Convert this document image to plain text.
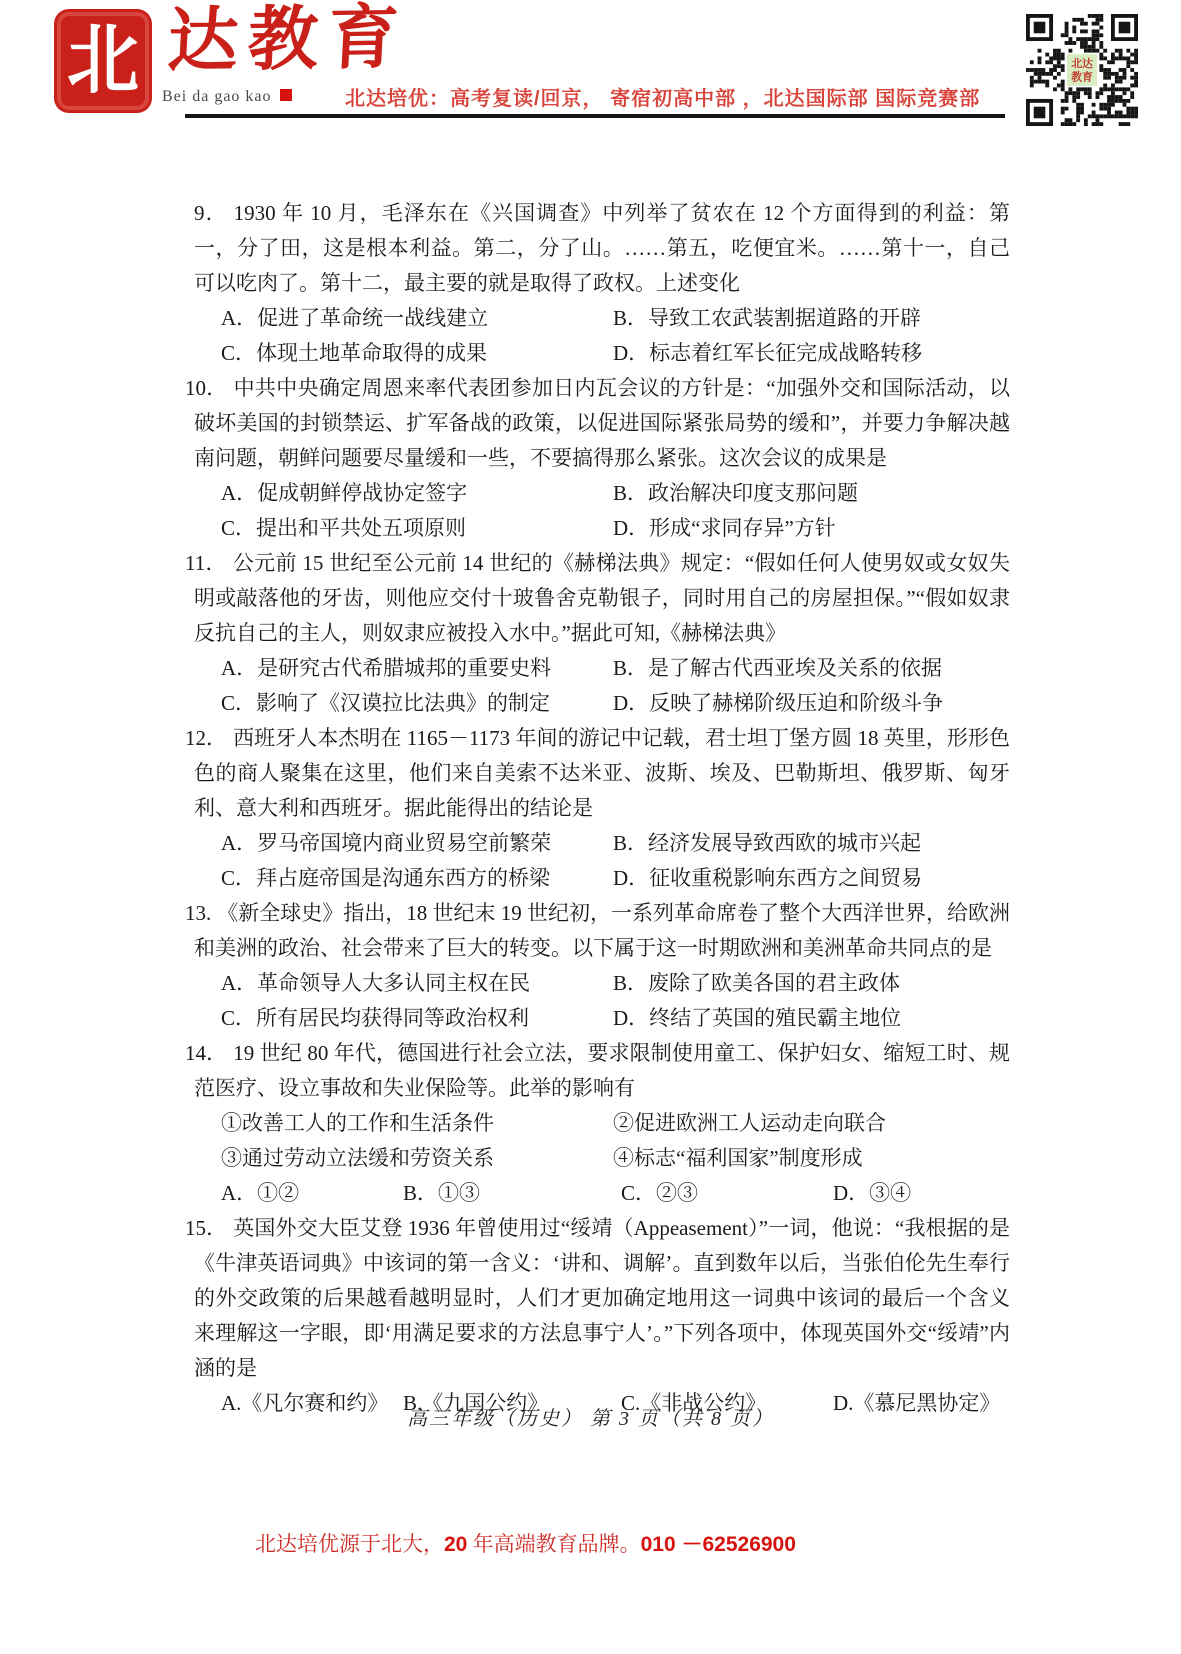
北 达教育
Bei da gao kao	北达培优：高考复读/回京， 寄宿初高中部 ，北达国际部 国际竞赛部
北达
教育
9． 1930 年 10 月，毛泽东在《兴国调查》中列举了贫农在 12 个方面得到的利益：第一，分了田，这是根本利益。第二，分了山。……第五，吃便宜米。……第十一，自己可以吃肉了。第十二，最主要的就是取得了政权。上述变化
A．促进了革命统一战线建立	B．导致工农武装割据道路的开辟
C．体现土地革命取得的成果	D．标志着红军长征完成战略转移
10． 中共中央确定周恩来率代表团参加日内瓦会议的方针是：“加强外交和国际活动，以破坏美国的封锁禁运、扩军备战的政策，以促进国际紧张局势的缓和”，并要力争解决越南问题，朝鲜问题要尽量缓和一些，不要搞得那么紧张。这次会议的成果是
A．促成朝鲜停战协定签字	B．政治解决印度支那问题
C．提出和平共处五项原则	D．形成“求同存异”方针
11． 公元前 15 世纪至公元前 14 世纪的《赫梯法典》规定：“假如任何人使男奴或女奴失明或敲落他的牙齿，则他应交付十玻鲁舍克勒银子，同时用自己的房屋担保。”“假如奴隶反抗自己的主人，则奴隶应被投入水中。”据此可知,《赫梯法典》
A．是研究古代希腊城邦的重要史料	B．是了解古代西亚埃及关系的依据
C．影响了《汉谟拉比法典》的制定	D．反映了赫梯阶级压迫和阶级斗争
12． 西班牙人本杰明在 1165－1173 年间的游记中记载，君士坦丁堡方圆 18 英里，形形色色的商人聚集在这里，他们来自美索不达米亚、波斯、埃及、巴勒斯坦、俄罗斯、匈牙利、意大利和西班牙。据此能得出的结论是
A．罗马帝国境内商业贸易空前繁荣	B．经济发展导致西欧的城市兴起
C．拜占庭帝国是沟通东西方的桥梁	D．征收重税影响东西方之间贸易
13. 《新全球史》指出，18 世纪末 19 世纪初，一系列革命席卷了整个大西洋世界，给欧洲和美洲的政治、社会带来了巨大的转变。以下属于这一时期欧洲和美洲革命共同点的是
A．革命领导人大多认同主权在民	B．废除了欧美各国的君主政体
C．所有居民均获得同等政治权利	D．终结了英国的殖民霸主地位
14． 19 世纪 80 年代，德国进行社会立法，要求限制使用童工、保护妇女、缩短工时、规范医疗、设立事故和失业保险等。此举的影响有
①改善工人的工作和生活条件	②促进欧洲工人运动走向联合
③通过劳动立法缓和劳资关系	④标志“福利国家”制度形成
A．①②	B．①③	C．②③	D．③④
15． 英国外交大臣艾登 1936 年曾使用过“绥靖（Appeasement）”一词，他说：“我根据的是《牛津英语词典》中该词的第一含义：‘讲和、调解’。直到数年以后，当张伯伦先生奉行的外交政策的后果越看越明显时，人们才更加确定地用这一词典中该词的最后一个含义来理解这一字眼，即‘用满足要求的方法息事宁人’。”下列各项中，体现英国外交“绥靖”内涵的是
A.《凡尔赛和约》 B.《九国公约》	C.《非战公约》	D.《慕尼黑协定》
高三年级（历史） 第 3 页（共 8 页）
北达培优源于北大，20 年高端教育品牌。010 －62526900
